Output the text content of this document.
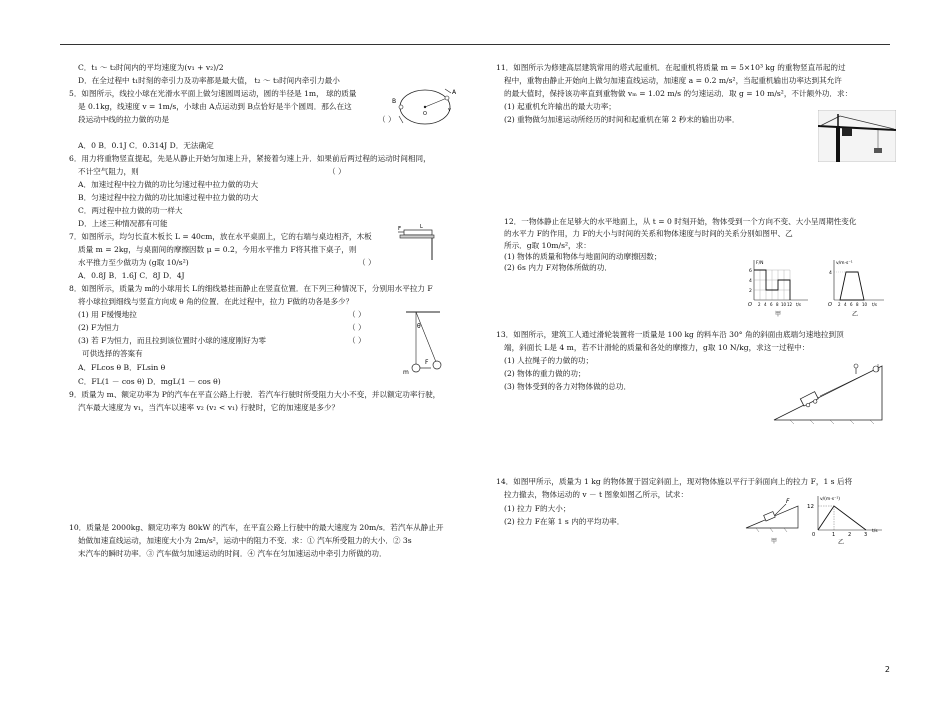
C．t₁ ～ t₂时间内的平均速度为(v₁ + v₂)/2
D．在全过程中 t₁时刻的牵引力及功率都是最大值， t₂ ～ t₃时间内牵引力最小
5．如图所示，线拉小球在光滑水平面上做匀速圆周运动，圆的半径是 1m， 球的质量
是 0.1kg，线速度 v = 1m/s，小球由 A点运动到 B点恰好是半个圆周．那么在这
段运动中线的拉力做的功是
A．0 B．0.1J C．0.314J D．无法确定
6．用力将重物竖直提起，先是从静止开始匀加速上升，紧接着匀速上升．如果前后两过程的运动时间相同，
不计空气阻力，则
A．加速过程中拉力做的功比匀速过程中拉力做的功大
B．匀速过程中拉力做的功比加速过程中拉力做的功大
C．两过程中拉力做的功一样大
D．上述三种情况都有可能
7．如图所示，均匀长直木板长 L = 40cm，放在水平桌面上，它的右端与桌边相齐，木板
质量 m = 2kg，与桌面间的摩擦因数 μ = 0.2，今用水平推力 F将其推下桌子，则
水平推力至少做功为 (g取 10/s²)
A．0.8J B．1.6J C．8J D．4J
8．如图所示，质量为 m的小球用长 L的细线悬挂而静止在竖直位置．在下列三种情况下，分别用水平拉力 F
将小球拉到细线与竖直方向成 θ 角的位置．在此过程中，拉力 F做的功各是多少？
(1) 用 F缓慢地拉
(2) F为恒力
(3) 若 F为恒力，而且拉到该位置时小球的速度刚好为零
可供选择的答案有
A．FLcos θ B．FLsin θ
C．FL(1 － cos θ) D．mgL(1 － cos θ)
9．质量为 m、额定功率为 P的汽车在平直公路上行驶．若汽车行驶时所受阻力大小不变，并以额定功率行驶，
汽车最大速度为 v₁，当汽车以速率 v₂ (v₂ < v₁) 行驶时，它的加速度是多少？
10．质量是 2000kg、额定功率为 80kW 的汽车，在平直公路上行驶中的最大速度为 20m/s．若汽车从静止开
始做加速直线运动，加速度大小为 2m/s²，运动中的阻力不变．求：① 汽车所受阻力的大小．② 3s
末汽车的瞬时功率．③ 汽车做匀加速运动的时间．④ 汽车在匀加速运动中牵引力所做的功．
（ ）
（ ）
（ ）
（ ）
（ ）
（ ）
11．如图所示为修建高层建筑常用的塔式起重机．在起重机将质量 m = 5×10³ kg 的重物竖直吊起的过
程中，重物由静止开始向上做匀加速直线运动，加速度 a = 0.2 m/s²，当起重机输出功率达到其允许
的最大值时，保持该功率直到重物做 vₘ = 1.02 m/s 的匀速运动．取 g = 10 m/s²，不计额外功．求：
(1) 起重机允许输出的最大功率；
(2) 重物做匀加速运动所经历的时间和起重机在第 2 秒末的输出功率．
12．一物体静止在足够大的水平地面上，从 t = 0 时刻开始，物体受到一个方向不变、大小呈周期性变化
的水平力 F的作用，力 F的大小与时间的关系和物体速度与时间的关系分别如图甲、乙
所示．g取 10m/s²，求：
(1) 物体的质量和物体与地面间的动摩擦因数；
(2) 6s 内力 F对物体所做的功．
13．如图所示，建筑工人通过滑轮装置将一质量是 100 kg 的料车沿 30° 角的斜面由底端匀速地拉到顶
端，斜面长 L是 4 m，若不计滑轮的质量和各处的摩擦力，g取 10 N/kg，求这一过程中：
(1) 人拉绳子的力做的功；
(2) 物体的重力做的功；
(3) 物体受到的各力对物体做的总功．
14．如图甲所示，质量为 1 kg 的物体置于固定斜面上，现对物体施以平行于斜面向上的拉力 F，1 s 后将
拉力撤去，物体运动的 v － t 图象如图乙所示，试求：
(1) 拉力 F的大小；
(2) 拉力 F在第 1 s 内的平均功率．
A
B
O
v
F	L
θ
F
m
F/N
6
4
2
O 2 4 6 8 10 12 t/s
甲
v/m·s⁻¹
4
O 2 4 6 8 10 t/s
乙
F
甲
v/(m·s⁻¹)
12
0	1	2	3
t/s
乙
2
